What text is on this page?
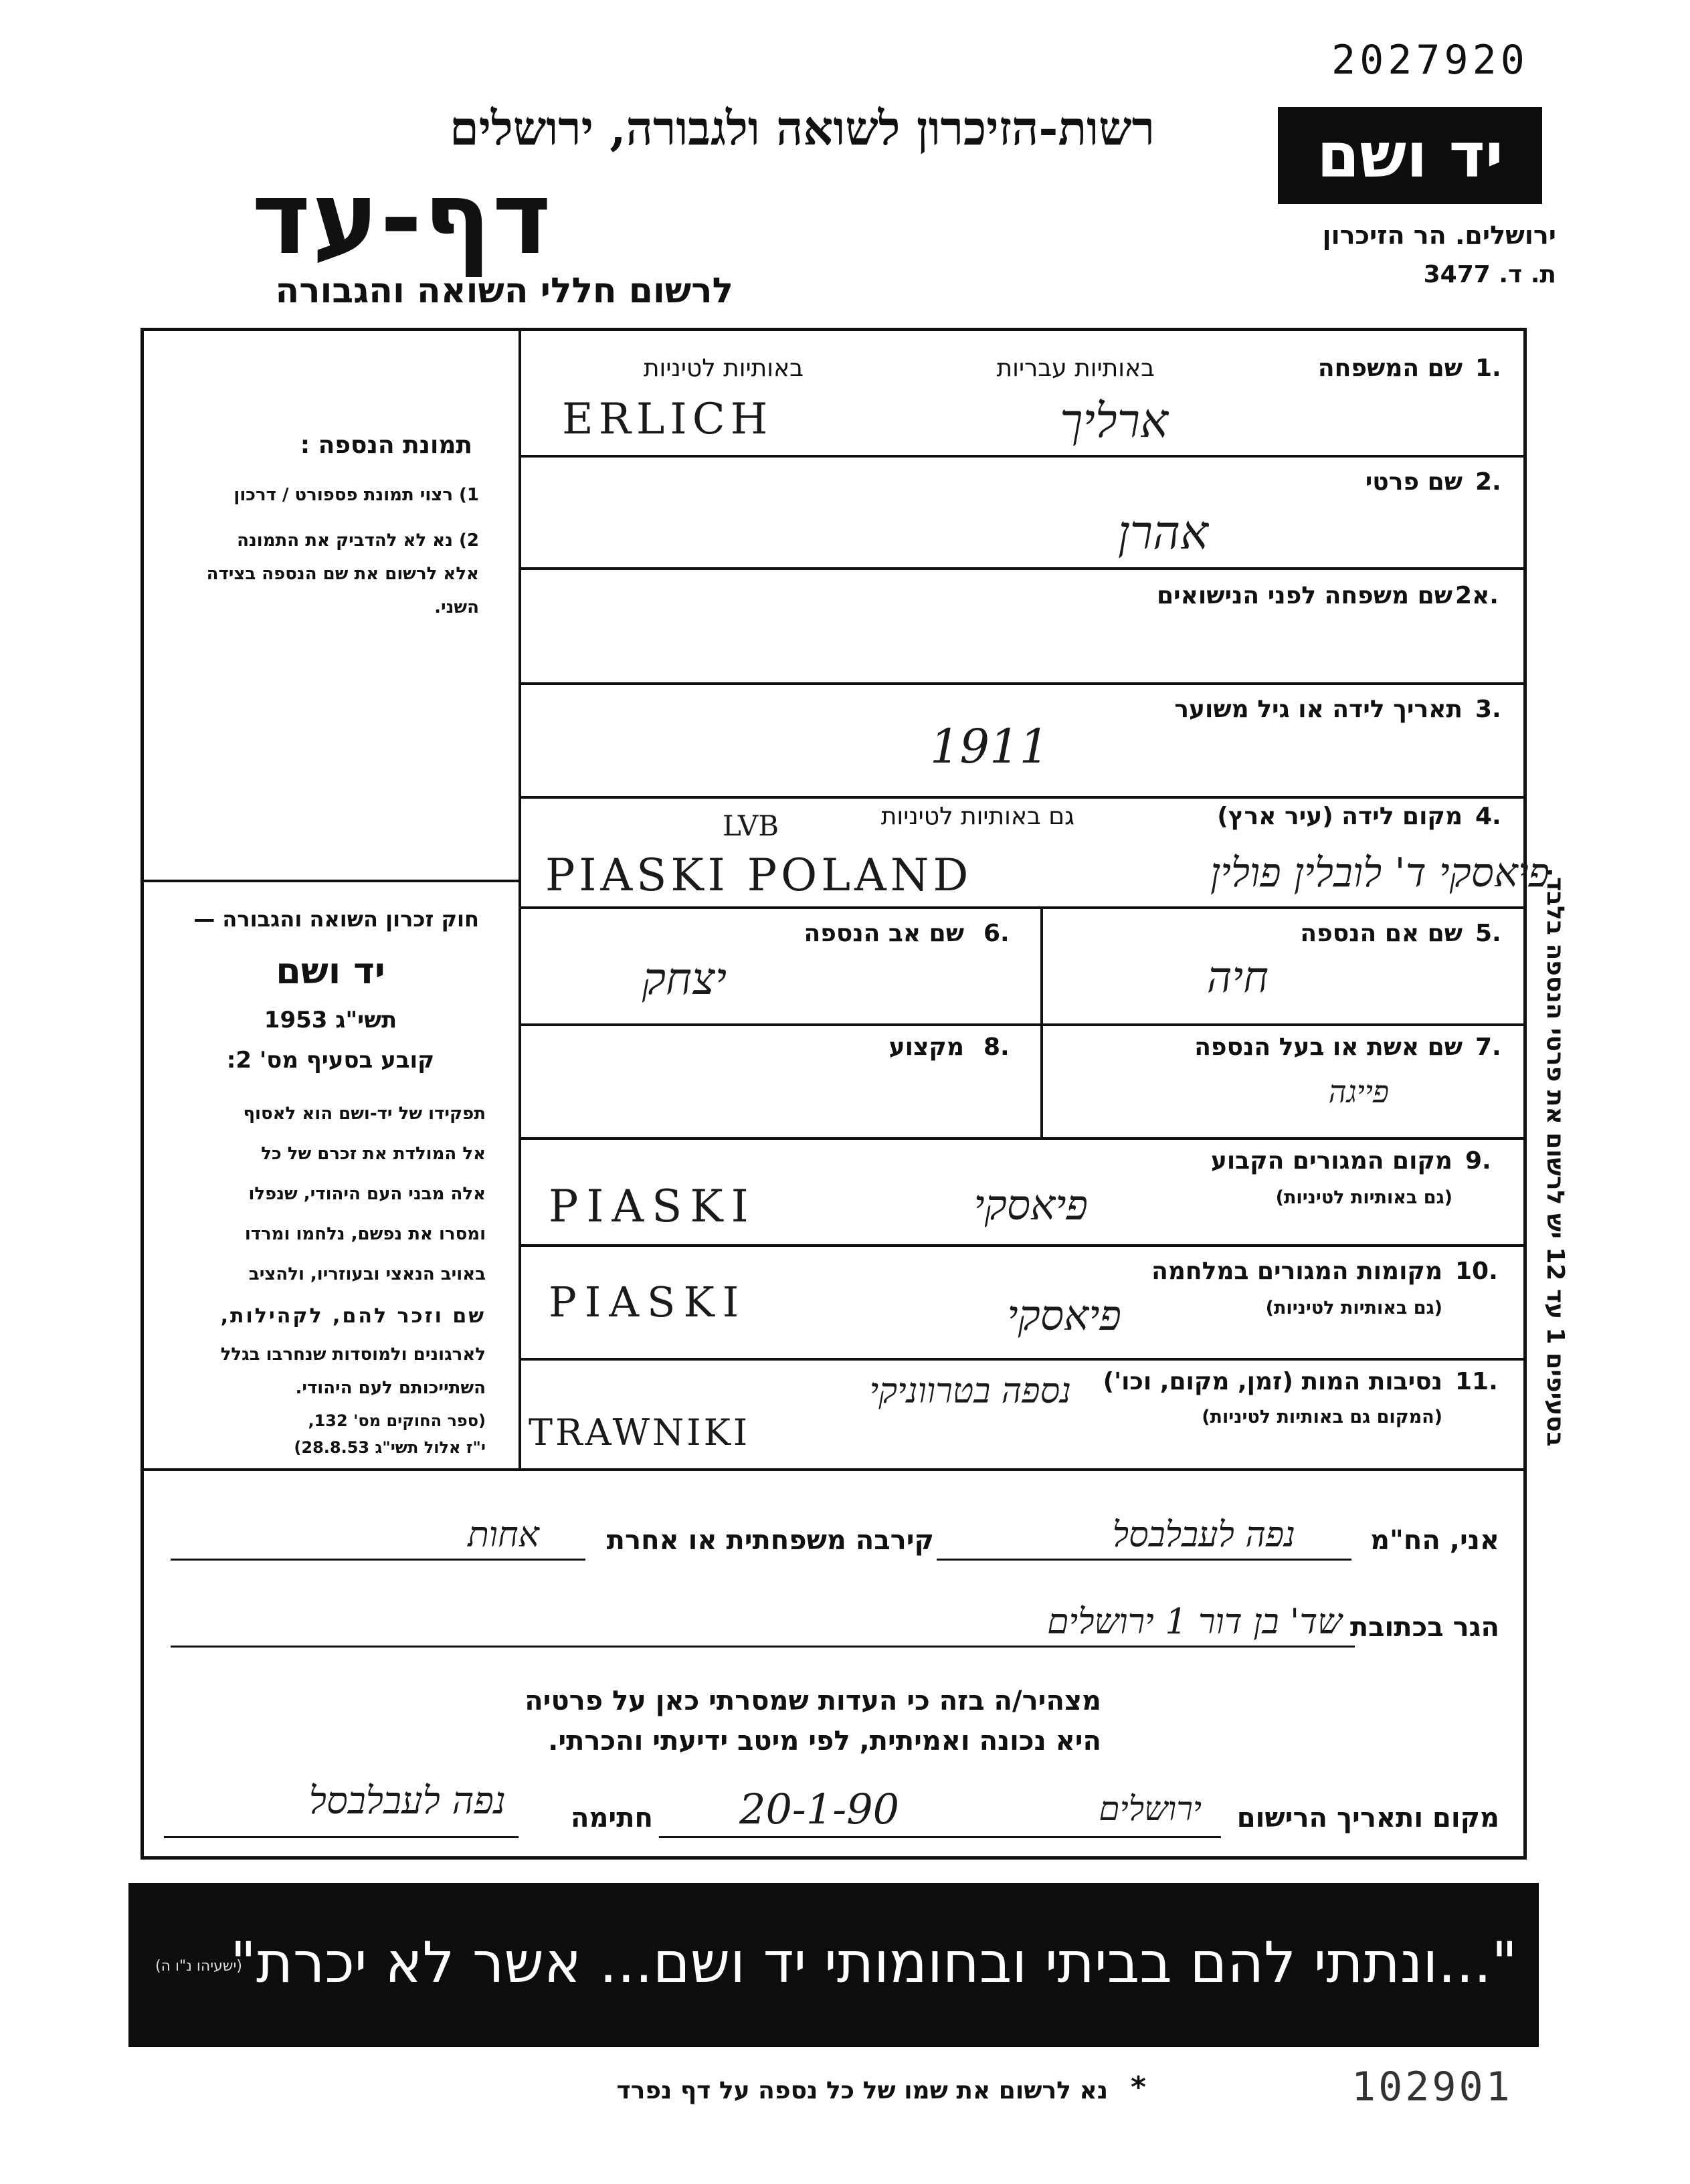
2027920
רשות-הזיכרון לשואה ולגבורה, ירושלים
דף-עד
לרשום חללי השואה והגבורה
יד ושם
ירושלים. הר הזיכרון
ת. ד. 3477
בסעיפים 1 עד 12 יש לרשום את פרטי הנספה בלבד.
תמונת הנספה :
1) רצוי תמונת פספורט / דרכון
2) נא לא להדביק את התמונה
אלא לרשום את שם הנספה בצידה
השני.
חוק זכרון השואה והגבורה —
יד ושם
תשי"ג 1953
קובע בסעיף מס' 2:
תפקידו של יד-ושם הוא לאסוף
אל המולדת את זכרם של כל
אלה מבני העם היהודי, שנפלו
ומסרו את נפשם, נלחמו ומרדו
באויב הנאצי ובעוזריו, ולהציב
שם וזכר להם, לקהילות,
לארגונים ולמוסדות שנחרבו בגלל
השתייכותם לעם היהודי.
(ספר החוקים מס' 132,
י"ז אלול תשי"ג 28.8.53)
1.
שם המשפחה
באותיות עבריות
באותיות לטיניות
ERLICH	ארליך
2.
שם פרטי
אהרן
2א.
שם משפחה לפני הנישואים
3.
תאריך לידה או גיל משוער
1911
4.
מקום לידה (עיר ארץ)
גם באותיות לטיניות
LVB
PIASKI POLAND	פיאסקי ד' לובלין פולין
5.
שם אם הנספה
חיה
6.
שם אב הנספה
יצחק
7.
שם אשת או בעל הנספה
פייגה
8.
מקצוע
9.
מקום המגורים הקבוע
(גם באותיות לטיניות)
PIASKI	פיאסקי
10.
מקומות המגורים במלחמה
(גם באותיות לטיניות)
PIASKI	פיאסקי
11.
נסיבות המות (זמן, מקום, וכו')
(המקום גם באותיות לטיניות)
נספה בטרווניקי
TRAWNIKI
אני, הח"מ
נפה לעבלבסל
קירבה משפחתית או אחרת
אחות
הגר בכתובת
שד' בן דור 1 ירושלים
מצהיר/ה בזה כי העדות שמסרתי כאן על פרטיה
היא נכונה ואמיתית, לפי מיטב ידיעתי והכרתי.
מקום ותאריך הרישום
ירושלים
20-1-90
חתימה
נפה לעבלבסל
"...ונתתי להם בביתי ובחומותי יד ושם... אשר לא יכרת"
(ישעיהו נ"ו ה)
*
נא לרשום את שמו של כל נספה על דף נפרד	102901
